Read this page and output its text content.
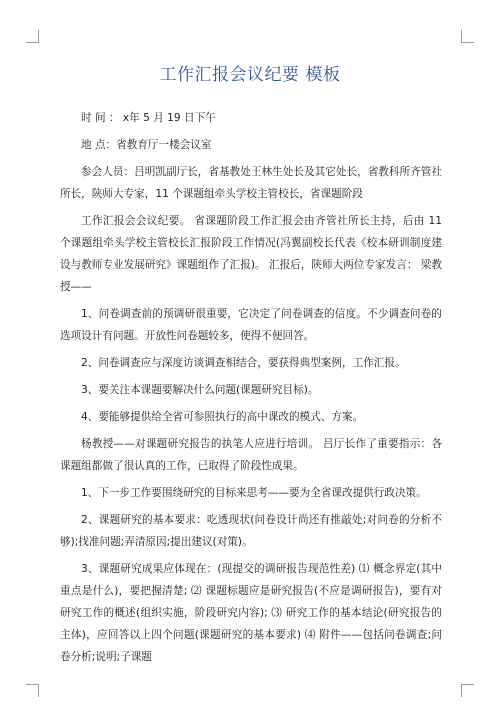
工作汇报会议纪要 模板

时 间 ： x年 5 月 19 日下午

地 点：省教育厅一楼会议室

参会人员：吕明凯副厅长，省基教处王林生处长及其它处长，省教科所齐管社所长，陕师大专家，11 个课题组牵头学校主管校长，省课题阶段

工作汇报会会议纪要。 省课题阶段工作汇报会由齐管社所长主持，后由 11 个课题组牵头学校主管校长汇报阶段工作情况(冯翼副校长代表《校本研训制度建设与教师专业发展研究》课题组作了汇报)。 汇报后，陕师大两位专家发言： 梁教授——

1、问卷调查前的预调研很重要，它决定了问卷调查的信度。不少调查问卷的选项设计有问题。开放性问卷题较多，使得不便回答。

2、问卷调查应与深度访谈调查相结合，要获得典型案例，工作汇报。

3、要关注本课题要解决什么问题(课题研究目标)。

4、要能够提供给全省可参照执行的高中课改的模式、方案。

杨教授——对课题研究报告的执笔人应进行培训。 吕厅长作了重要指示：各课题组都做了很认真的工作，已取得了阶段性成果。

1、下一步工作要围绕研究的目标来思考——要为全省课改提供行政决策。

2、课题研究的基本要求：吃透现状(问卷设计尚还有推敲处;对问卷的分析不够);找准问题;弄清原因;提出建议(对策)。

3、课题研究成果应体现在：(现提交的调研报告现范性差) ⑴ 概念界定(其中重点是什么)，要把握清楚; ⑵ 课题标题应是研究报告(不应是调研报告)，要有对研究工作的概述(组织实施，阶段研究内容); ⑶ 研究工作的基本结论(研究报告的主体)，应回答以上四个问题(课题研究的基本要求) ⑷ 附件——包括问卷调查;问卷分析;说明;子课题
